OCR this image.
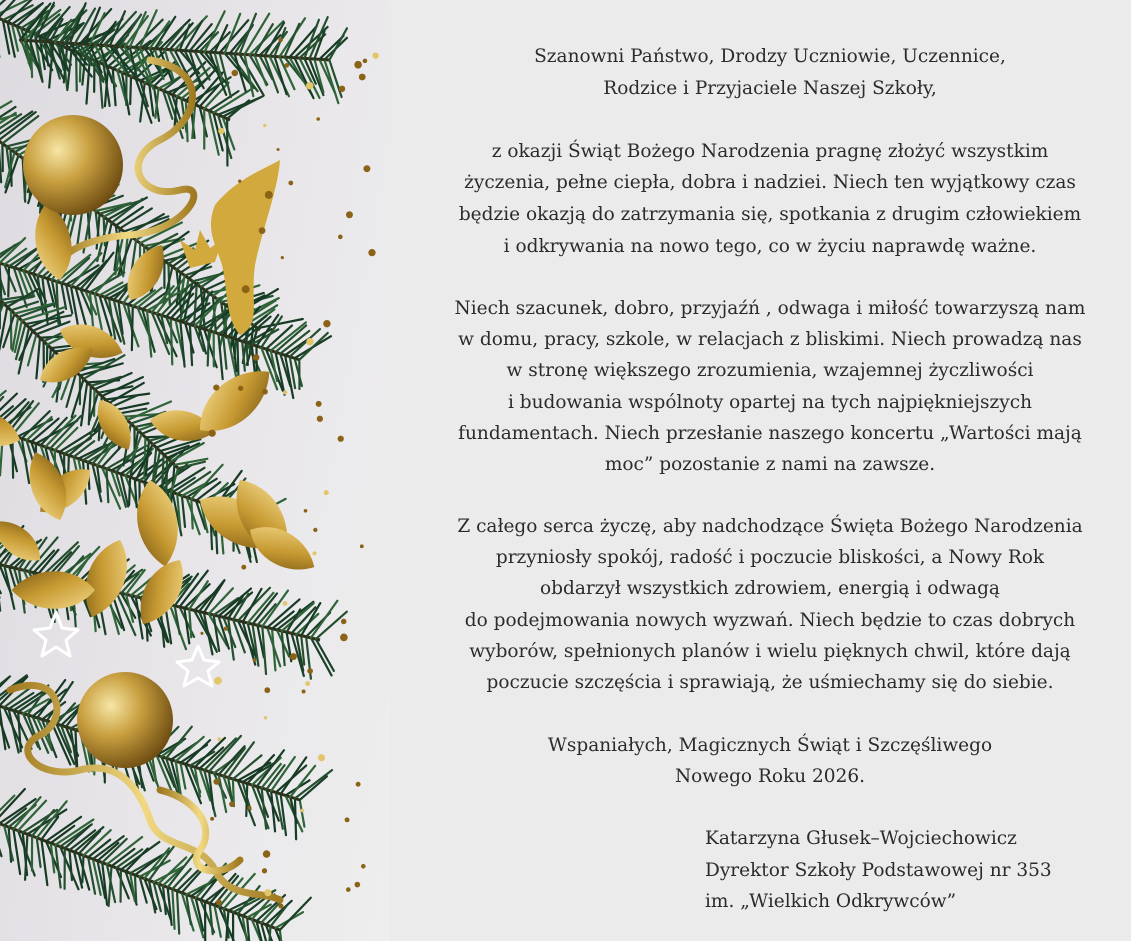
Szanowni Państwo, Drodzy Uczniowie, Uczennice,
Rodzice i Przyjaciele Naszej Szkoły,
z okazji Świąt Bożego Narodzenia pragnę złożyć wszystkim
życzenia, pełne ciepła, dobra i nadziei. Niech ten wyjątkowy czas
będzie okazją do zatrzymania się, spotkania z drugim człowiekiem
i odkrywania na nowo tego, co w życiu naprawdę ważne.
Niech szacunek, dobro, przyjaźń , odwaga i miłość towarzyszą nam
w domu, pracy, szkole, w relacjach z bliskimi. Niech prowadzą nas
w stronę większego zrozumienia, wzajemnej życzliwości
i budowania wspólnoty opartej na tych najpiękniejszych
fundamentach. Niech przesłanie naszego koncertu „Wartości mają
moc” pozostanie z nami na zawsze.
Z całego serca życzę, aby nadchodzące Święta Bożego Narodzenia
przyniosły spokój, radość i poczucie bliskości, a Nowy Rok
obdarzył wszystkich zdrowiem, energią i odwagą
do podejmowania nowych wyzwań. Niech będzie to czas dobrych
wyborów, spełnionych planów i wielu pięknych chwil, które dają
poczucie szczęścia i sprawiają, że uśmiechamy się do siebie.
Wspaniałych, Magicznych Świąt i Szczęśliwego
Nowego Roku 2026.
Katarzyna Głusek–Wojciechowicz
Dyrektor Szkoły Podstawowej nr 353
im. „Wielkich Odkrywców”
